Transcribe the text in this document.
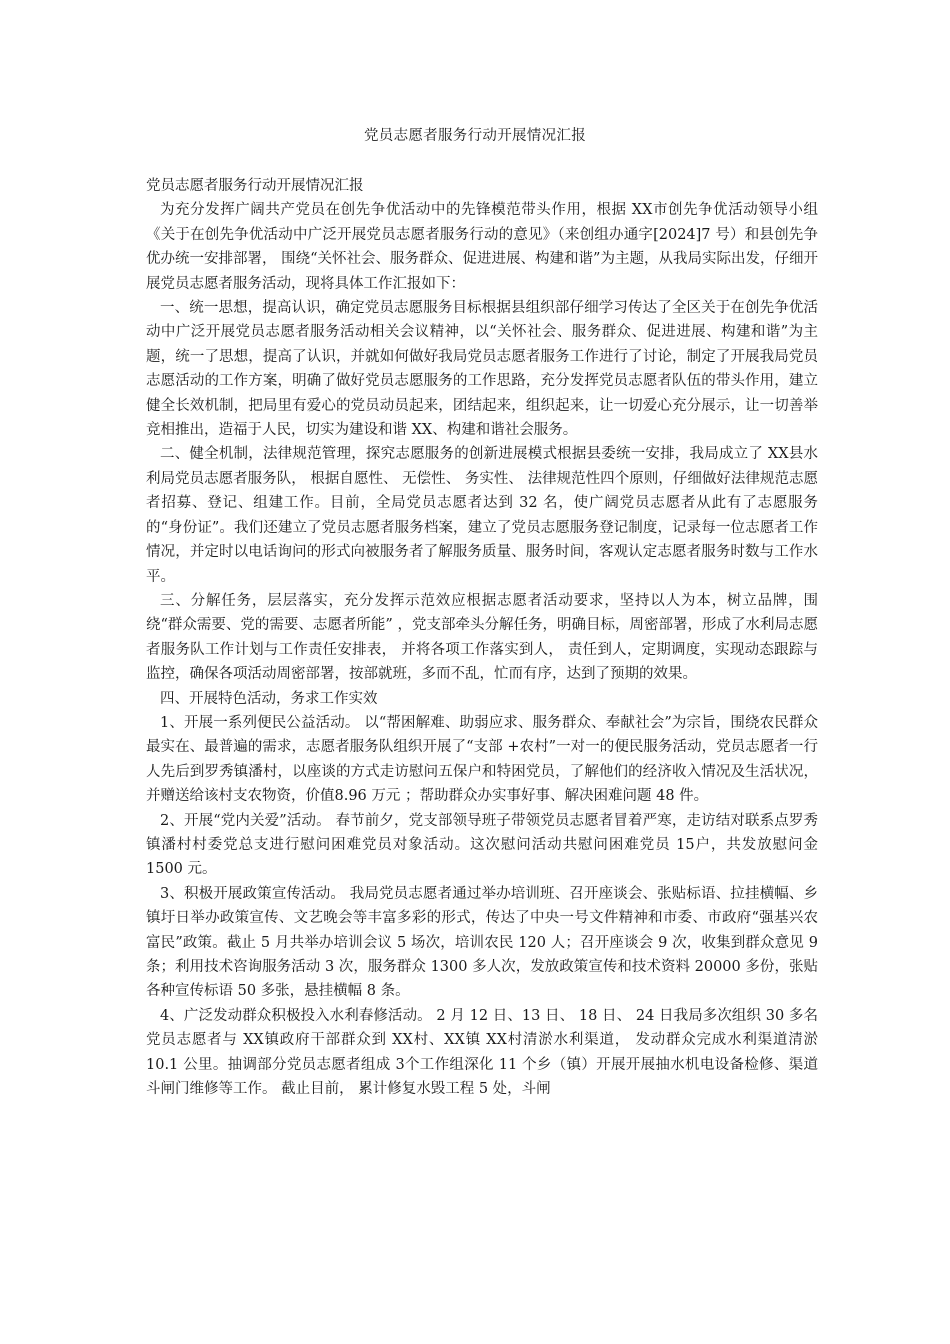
党员志愿者服务行动开展情况汇报

党员志愿者服务行动开展情况汇报

为充分发挥广阔共产党员在创先争优活动中的先锋模范带头作用，根据 XX市创先争优活动领导小组《关于在创先争优活动中广泛开展党员志愿者服务行动的意见》（来创组办通字[2024]7 号）和县创先争优办统一安排部署， 围绕“关怀社会、服务群众、促进进展、构建和谐”为主题，从我局实际出发，仔细开展党员志愿者服务活动，现将具体工作汇报如下：

一、统一思想，提高认识，确定党员志愿服务目标根据县组织部仔细学习传达了全区关于在创先争优活动中广泛开展党员志愿者服务活动相关会议精神，以“关怀社会、服务群众、促进进展、构建和谐”为主题，统一了思想，提高了认识，并就如何做好我局党员志愿者服务工作进行了讨论，制定了开展我局党员志愿活动的工作方案，明确了做好党员志愿服务的工作思路，充分发挥党员志愿者队伍的带头作用，建立健全长效机制，把局里有爱心的党员动员起来，团结起来，组织起来，让一切爱心充分展示，让一切善举竞相推出，造福于人民，切实为建设和谐 XX、构建和谐社会服务。

二、健全机制，法律规范管理，探究志愿服务的创新进展模式根据县委统一安排，我局成立了 XX县水利局党员志愿者服务队， 根据自愿性、 无偿性、 务实性、 法律规范性四个原则，仔细做好法律规范志愿者招募、登记、组建工作。目前，全局党员志愿者达到 32 名，使广阔党员志愿者从此有了志愿服务的“身份证”。我们还建立了党员志愿者服务档案，建立了党员志愿服务登记制度，记录每一位志愿者工作情况，并定时以电话询问的形式向被服务者了解服务质量、服务时间，客观认定志愿者服务时数与工作水平。

三、分解任务，层层落实，充分发挥示范效应根据志愿者活动要求，坚持以人为本，树立品牌，围绕“群众需要、党的需要、志愿者所能” ，党支部牵头分解任务，明确目标，周密部署，形成了水利局志愿者服务队工作计划与工作责任安排表， 并将各项工作落实到人， 责任到人，定期调度，实现动态跟踪与监控，确保各项活动周密部署，按部就班，多而不乱，忙而有序，达到了预期的效果。

四、开展特色活动，务求工作实效

1、开展一系列便民公益活动。 以“帮困解难、助弱应求、服务群众、奉献社会”为宗旨，围绕农民群众最实在、最普遍的需求，志愿者服务队组织开展了“支部 +农村”一对一的便民服务活动，党员志愿者一行人先后到罗秀镇潘村，以座谈的方式走访慰问五保户和特困党员，了解他们的经济收入情况及生活状况，并赠送给该村支农物资，价值8.96 万元 ；帮助群众办实事好事、解决困难问题 48 件。

2、开展“党内关爱”活动。 春节前夕，党支部领导班子带领党员志愿者冒着严寒，走访结对联系点罗秀镇潘村村委党总支进行慰问困难党员对象活动。这次慰问活动共慰问困难党员 15户，共发放慰问金 1500 元。

3、积极开展政策宣传活动。 我局党员志愿者通过举办培训班、召开座谈会、张贴标语、拉挂横幅、乡镇圩日举办政策宣传、文艺晚会等丰富多彩的形式，传达了中央一号文件精神和市委、市政府“强基兴农富民”政策。截止 5 月共举办培训会议 5 场次，培训农民 120 人；召开座谈会 9 次，收集到群众意见 9 条；利用技术咨询服务活动 3 次，服务群众 1300 多人次，发放政策宣传和技术资料 20000 多份，张贴各种宣传标语 50 多张，悬挂横幅 8 条。

4、广泛发动群众积极投入水利春修活动。 2 月 12 日、13 日、 18 日、 24 日我局多次组织 30 多名党员志愿者与 XX镇政府干部群众到 XX村、XX镇 XX村清淤水利渠道， 发动群众完成水利渠道清淤 10.1 公里。抽调部分党员志愿者组成 3个工作组深化 11 个乡（镇）开展开展抽水机电设备检修、渠道斗闸门维修等工作。 截止目前， 累计修复水毁工程 5 处，斗闸
